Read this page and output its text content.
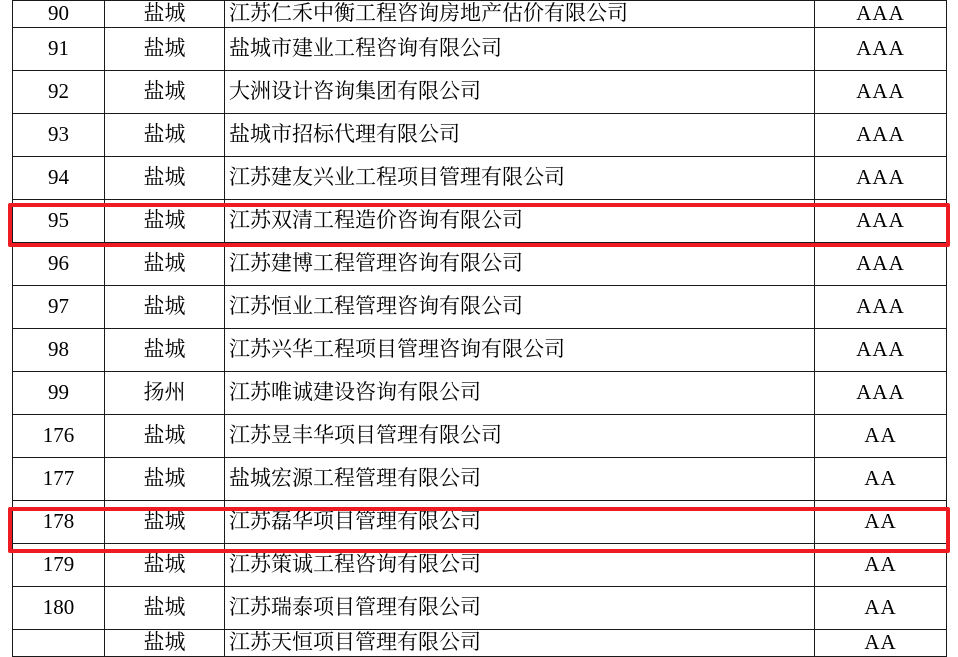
90	盐城	江苏仁禾中衡工程咨询房地产估价有限公司	AAA
91	盐城	盐城市建业工程咨询有限公司	AAA
92	盐城	大洲设计咨询集团有限公司	AAA
93	盐城	盐城市招标代理有限公司	AAA
94	盐城	江苏建友兴业工程项目管理有限公司	AAA
95	盐城	江苏双清工程造价咨询有限公司	AAA
96	盐城	江苏建博工程管理咨询有限公司	AAA
97	盐城	江苏恒业工程管理咨询有限公司	AAA
98	盐城	江苏兴华工程项目管理咨询有限公司	AAA
99	扬州	江苏唯诚建设咨询有限公司	AAA
176	盐城	江苏昱丰华项目管理有限公司	AA
177	盐城	盐城宏源工程管理有限公司	AA
178	盐城	江苏磊华项目管理有限公司	AA
179	盐城	江苏策诚工程咨询有限公司	AA
180	盐城	江苏瑞泰项目管理有限公司	AA
	盐城	江苏天恒项目管理有限公司	AA
